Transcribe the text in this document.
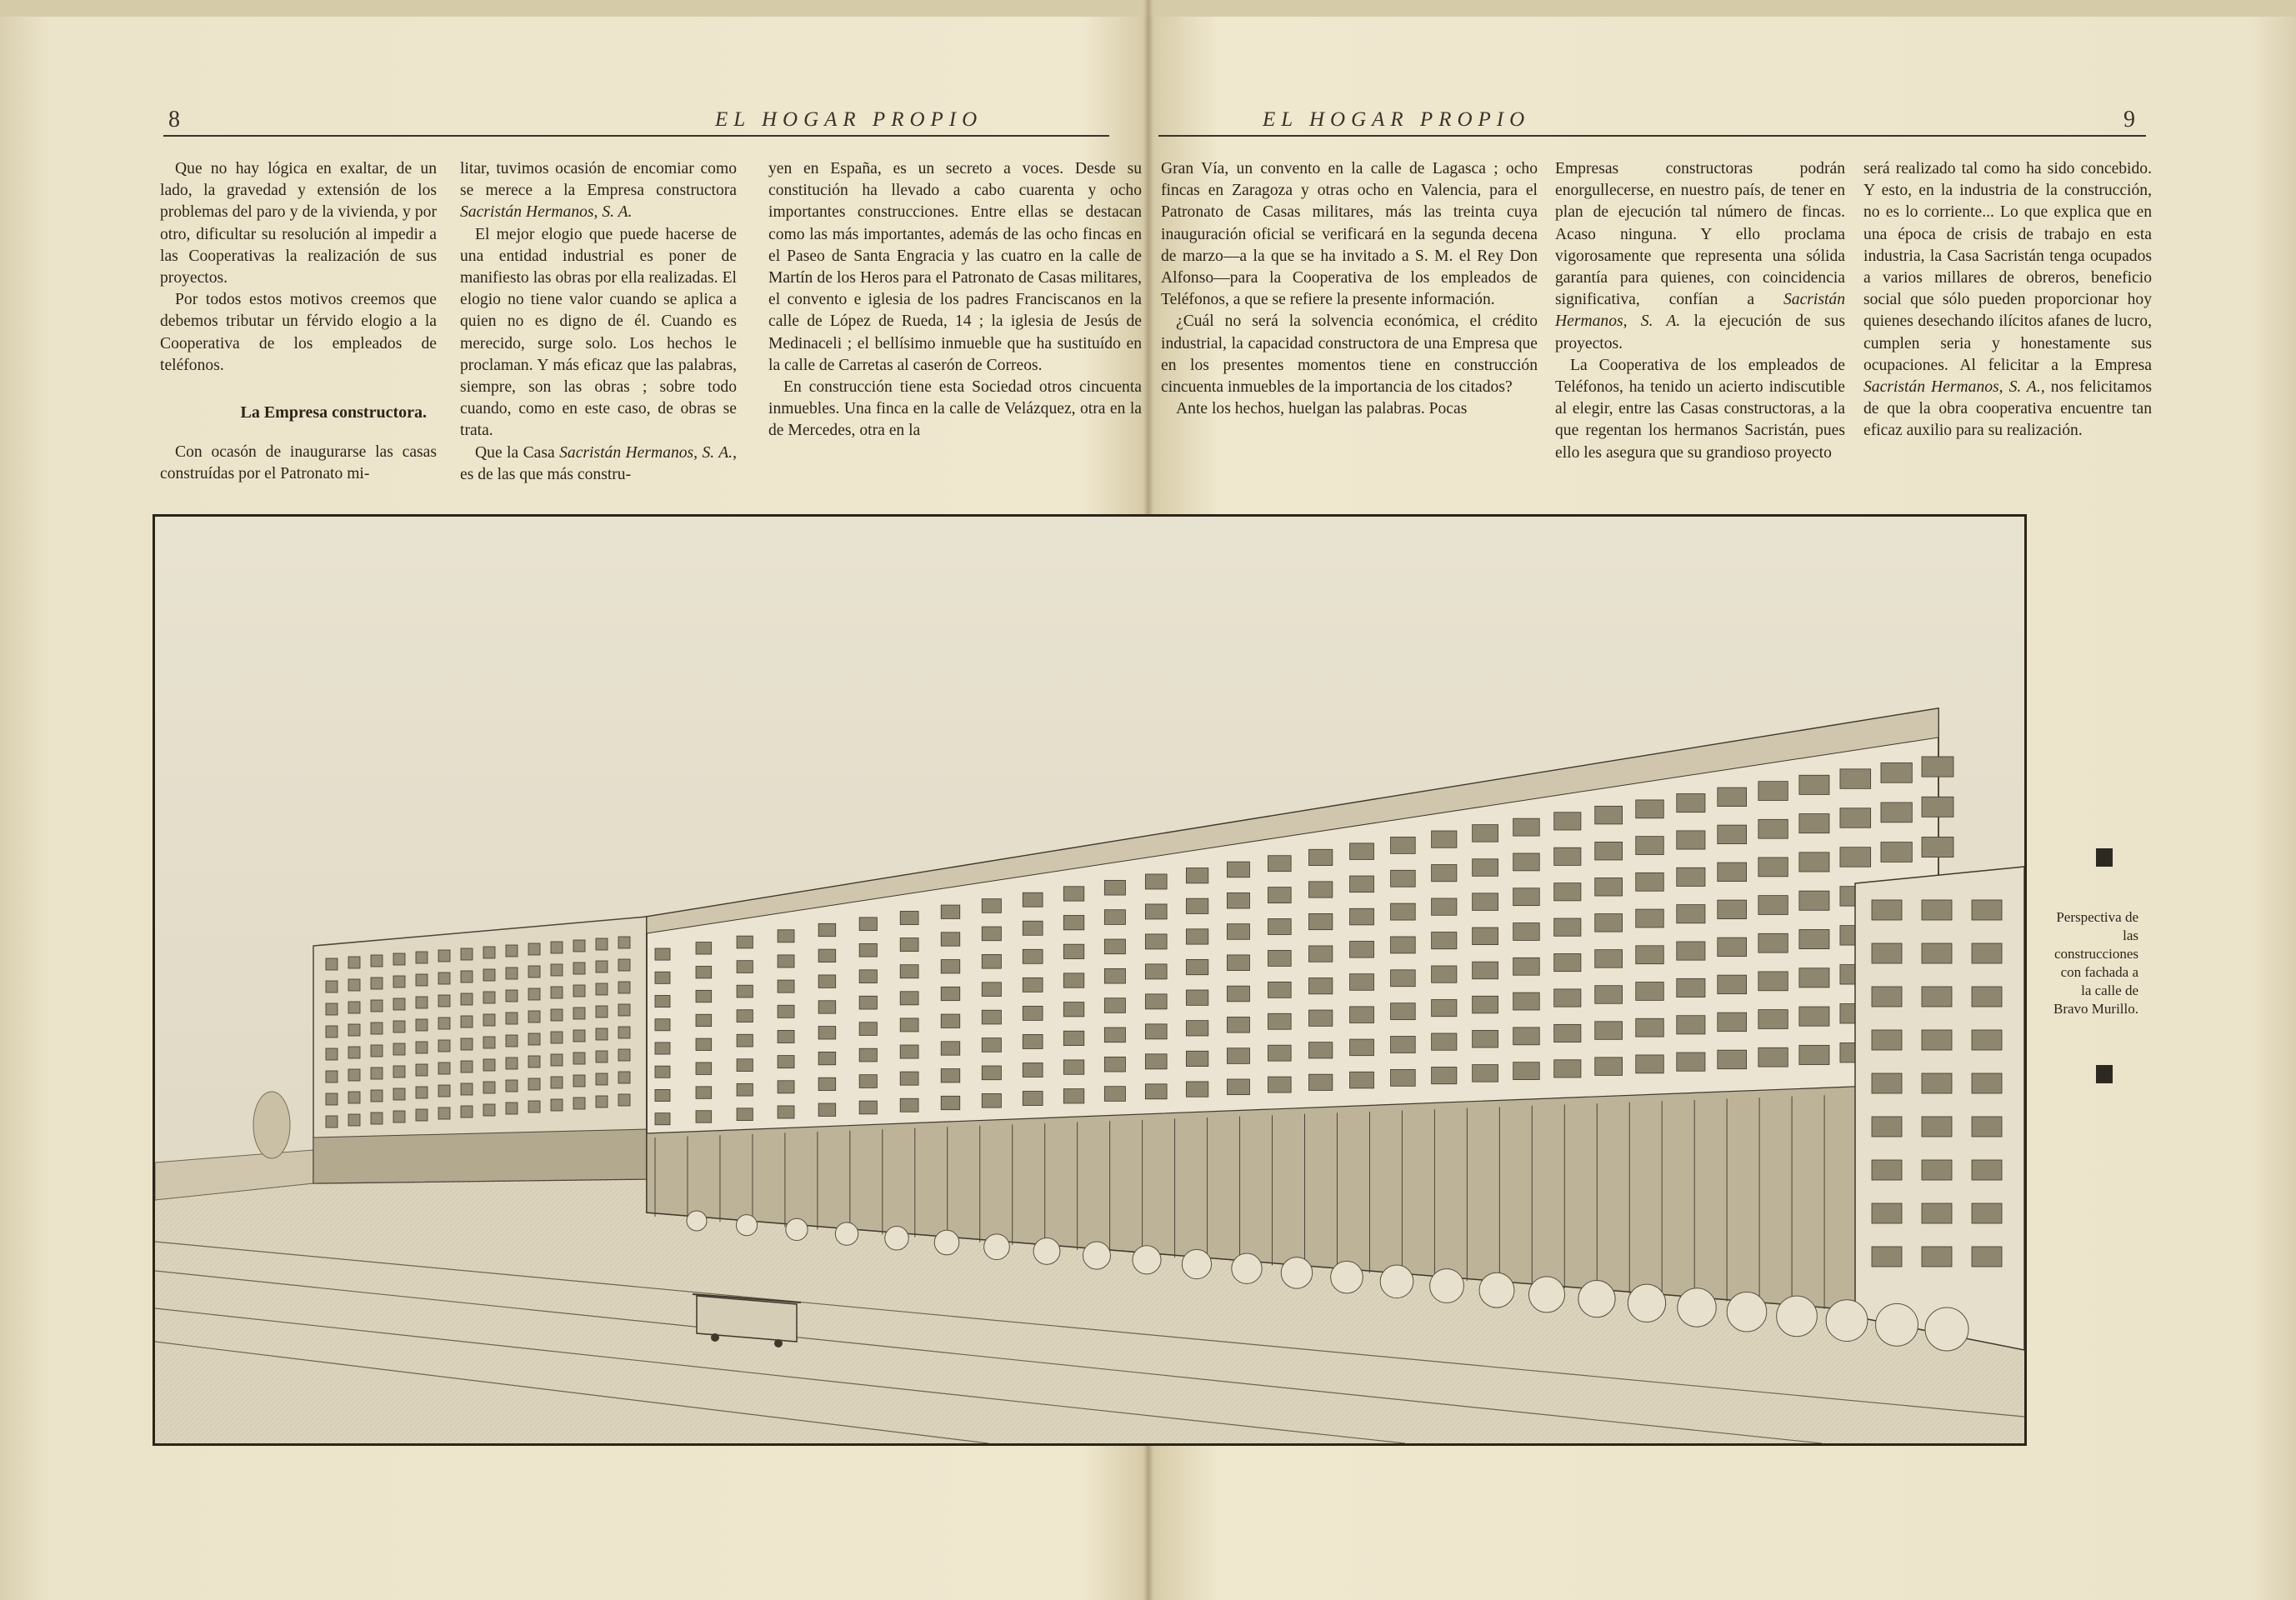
8	EL HOGAR PROPIO	EL HOGAR PROPIO	9

Que no hay lógica en exaltar, de un lado, la gravedad y extensión de los problemas del paro y de la vivienda, y por otro, dificultar su resolución al impedir a las Cooperativas la realización de sus proyectos.

Por todos estos motivos creemos que debemos tributar un férvido elogio a la Cooperativa de los empleados de teléfonos.

La Empresa constructora.

Con ocasón de inaugurarse las casas construídas por el Patronato mi-

litar, tuvimos ocasión de encomiar como se merece a la Empresa constructora Sacristán Hermanos, S. A.

El mejor elogio que puede hacerse de una entidad industrial es poner de manifiesto las obras por ella realizadas. El elogio no tiene valor cuando se aplica a quien no es digno de él. Cuando es merecido, surge solo. Los hechos le proclaman. Y más eficaz que las palabras, siempre, son las obras ; sobre todo cuando, como en este caso, de obras se trata.

Que la Casa Sacristán Hermanos, S. A., es de las que más constru-

yen en España, es un secreto a voces. Desde su constitución ha llevado a cabo cuarenta y ocho importantes construcciones. Entre ellas se destacan como las más importantes, además de las ocho fincas en el Paseo de Santa Engracia y las cuatro en la calle de Martín de los Heros para el Patronato de Casas militares, el convento e iglesia de los padres Franciscanos en la calle de López de Rueda, 14 ; la iglesia de Jesús de Medinaceli ; el bellísimo inmueble que ha sustituído en la calle de Carretas al caserón de Correos.

En construcción tiene esta Sociedad otros cincuenta inmuebles. Una finca en la calle de Velázquez, otra en la de Mercedes, otra en la

Gran Vía, un convento en la calle de Lagasca ; ocho fincas en Zaragoza y otras ocho en Valencia, para el Patronato de Casas militares, más las treinta cuya inauguración oficial se verificará en la segunda decena de marzo—a la que se ha invitado a S. M. el Rey Don Alfonso—para la Cooperativa de los empleados de Teléfonos, a que se refiere la presente información.

¿Cuál no será la solvencia económica, el crédito industrial, la capacidad constructora de una Empresa que en los presentes momentos tiene en construcción cincuenta inmuebles de la importancia de los citados?

Ante los hechos, huelgan las palabras. Pocas

Empresas constructoras podrán enorgullecerse, en nuestro país, de tener en plan de ejecución tal número de fincas. Acaso ninguna. Y ello proclama vigorosamente que representa una sólida garantía para quienes, con coincidencia significativa, confían a Sacristán Hermanos, S. A. la ejecución de sus proyectos.

La Cooperativa de los empleados de Teléfonos, ha tenido un acierto indiscutible al elegir, entre las Casas constructoras, a la que regentan los hermanos Sacristán, pues ello les asegura que su grandioso proyecto

será realizado tal como ha sido concebido. Y esto, en la industria de la construcción, no es lo corriente... Lo que explica que en una época de crisis de trabajo en esta industria, la Casa Sacristán tenga ocupados a varios millares de obreros, beneficio social que sólo pueden proporcionar hoy quienes desechando ilícitos afanes de lucro, cumplen seria y honestamente sus ocupaciones. Al felicitar a la Empresa Sacristán Hermanos, S. A., nos felicitamos de que la obra cooperativa encuentre tan eficaz auxilio para su realización.

Perspectiva de las construcciones con fachada a la calle de Bravo Murillo.
